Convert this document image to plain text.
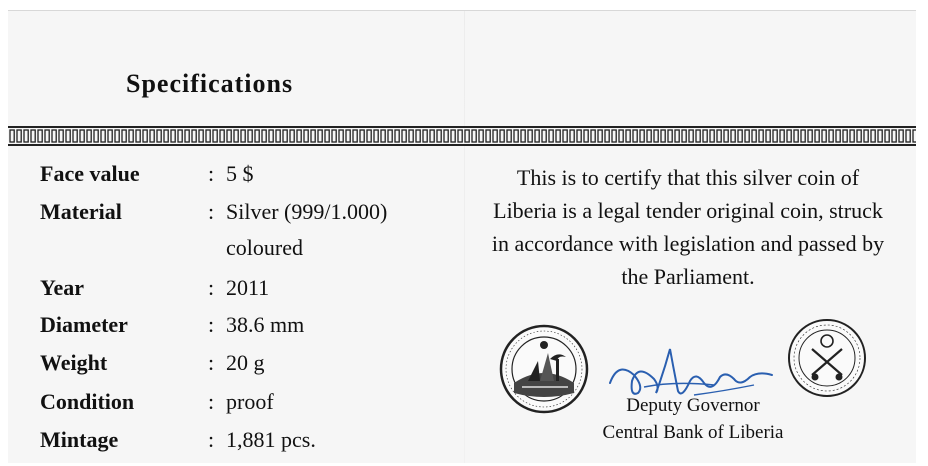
Specifications
Face value	: 5 $
Material	: Silver (999/1.000)
coloured
Year	: 2011
Diameter	: 38.6 mm
Weight	: 20 g
Condition	: proof
Mintage	: 1,881 pcs.
This is to certify that this silver coin of
Liberia is a legal tender original coin, struck
in accordance with legislation and passed by
the Parliament.
Deputy Governor
Central Bank of Liberia
